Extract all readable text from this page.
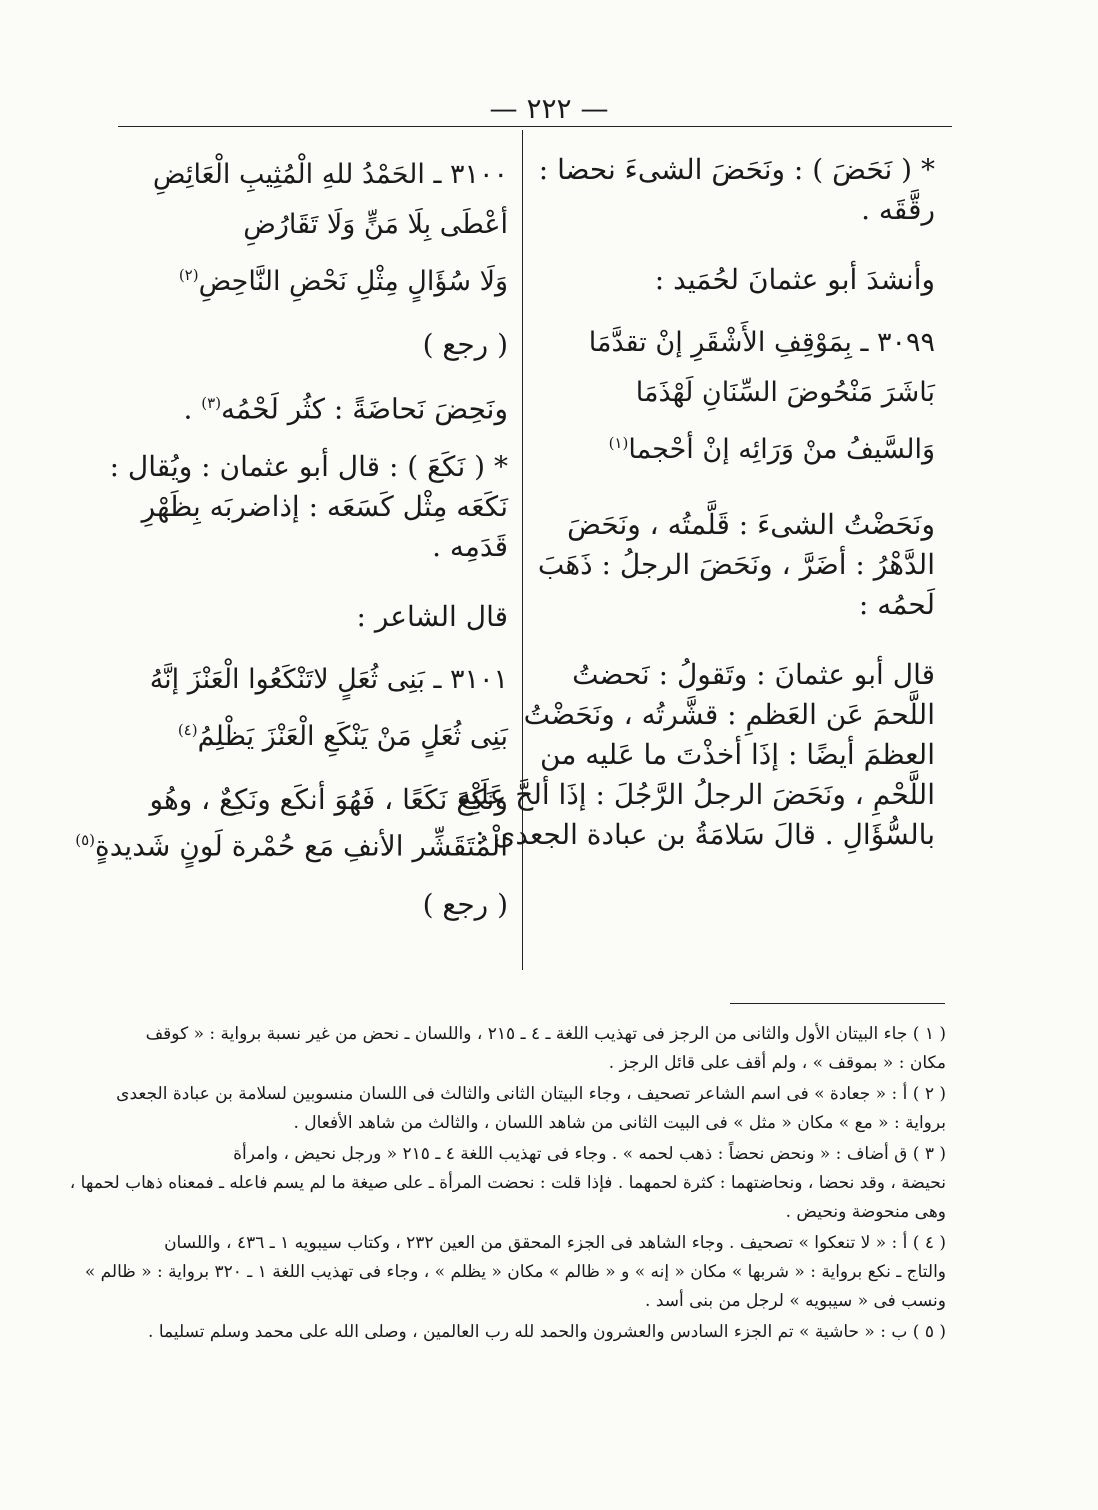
— ٢٢٢ —
* ( نَحَضَ ) : ونَحَضَ الشىءَ نحضا :
رقَّقَه .
وأنشدَ أبو عثمانَ لحُمَيد :
٣٠٩٩ ـ بِمَوْقِفِ الأَشْقَرِ إنْ تقدَّمَا
بَاشَرَ مَنْحُوضَ السِّنَانِ لَهْذَمَا
وَالسَّيفُ منْ وَرَائِه إنْ أحْجما$^{(١)}$
ونَحَضْتُ الشىءَ : قَلَّمتُه ، ونَحَضَ
الدَّهْرُ : أضَرَّ ، ونَحَضَ الرجلُ : ذَهَبَ
لَحمُه :
قال أبو عثمانَ : وتَقولُ : نَحضتُ
اللَّحمَ عَن العَظمِ : قشَّرتُه ، ونَحَضْتُ
العظمَ أيضًا : إذَا أخذْتَ ما عَليه من
اللَّحْمِ ، ونَحَضَ الرجلُ الرَّجُلَ : إذَا ألحَّ عَلَيْه
بالسُّؤَالِ . قالَ سَلامَةُ بن عبادة الجعدى :
٣١٠٠ ـ الحَمْدُ للهِ الْمُثِيبِ الْعَائِضِ
أعْطَى بِلَا مَنٍّ وَلَا تَقَارُضِ
وَلَا سُؤَالٍ مِثْلِ نَحْضِ النَّاحِضِ$^{(٢)}$
( رجع )
ونَحِضَ نَحاضَةً : كثُر لَحْمُه$^{(٣)}$ .
* ( نَكَعَ ) : قال أبو عثمان : ويُقال :
نَكَعَه مِثْل كَسَعَه : إذاضربَه بِظَهْرِ
قَدَمِه .
قال الشاعر :
٣١٠١ ـ بَنِى ثُعَلٍ لاتَنْكَعُوا الْعَنْزَ إنَّهُ
بَنِى ثُعَلٍ مَنْ يَنْكَعِ الْعَنْزَ يَظْلِمُ$^{(٤)}$
ونَكِعَ نَكَعًا ، فَهُوَ أنكَع ونَكِعٌ ، وهُو
الْمُتَقَشِّر الأنفِ مَع حُمْرة لَونٍ شَديدةٍ$^{(٥)}$
( رجع )
( ١ ) جاء البيتان الأول والثانى من الرجز فى تهذيب اللغة ـ ٤ ـ ٢١٥ ، واللسان ـ نحض من غير نسبة برواية : « كوقف
مكان : « بموقف » ، ولم أقف على قائل الرجز .
( ٢ ) أ : « جعادة » فى اسم الشاعر تصحيف ، وجاء البيتان الثانى والثالث فى اللسان منسوبين لسلامة بن عبادة الجعدى
برواية : « مع » مكان « مثل » فى البيت الثانى من شاهد اللسان ، والثالث من شاهد الأفعال .
( ٣ ) ق أضاف : « ونحض نحضاً : ذهب لحمه » . وجاء فى تهذيب اللغة ٤ ـ ٢١٥ « ورجل نحيض ، وامرأة
نحيضة ، وقد نحضا ، ونحاضتهما : كثرة لحمهما . فإذا قلت : نحضت المرأة ـ على صيغة ما لم يسم فاعله ـ فمعناه ذهاب لحمها ،
وهى منحوضة ونحيض .
( ٤ ) أ : « لا تنعكوا » تصحيف . وجاء الشاهد فى الجزء المحقق من العين ٢٣٢ ، وكتاب سيبويه ١ ـ ٤٣٦ ، واللسان
والتاج ـ نكع برواية : « شربها » مكان « إنه » و « ظالم » مكان « يظلم » ، وجاء فى تهذيب اللغة ١ ـ ٣٢٠ برواية : « ظالم »
ونسب فى « سيبويه » لرجل من بنى أسد .
( ٥ ) ب : « حاشية » تم الجزء السادس والعشرون والحمد لله رب العالمين ، وصلى الله على محمد وسلم تسليما .
